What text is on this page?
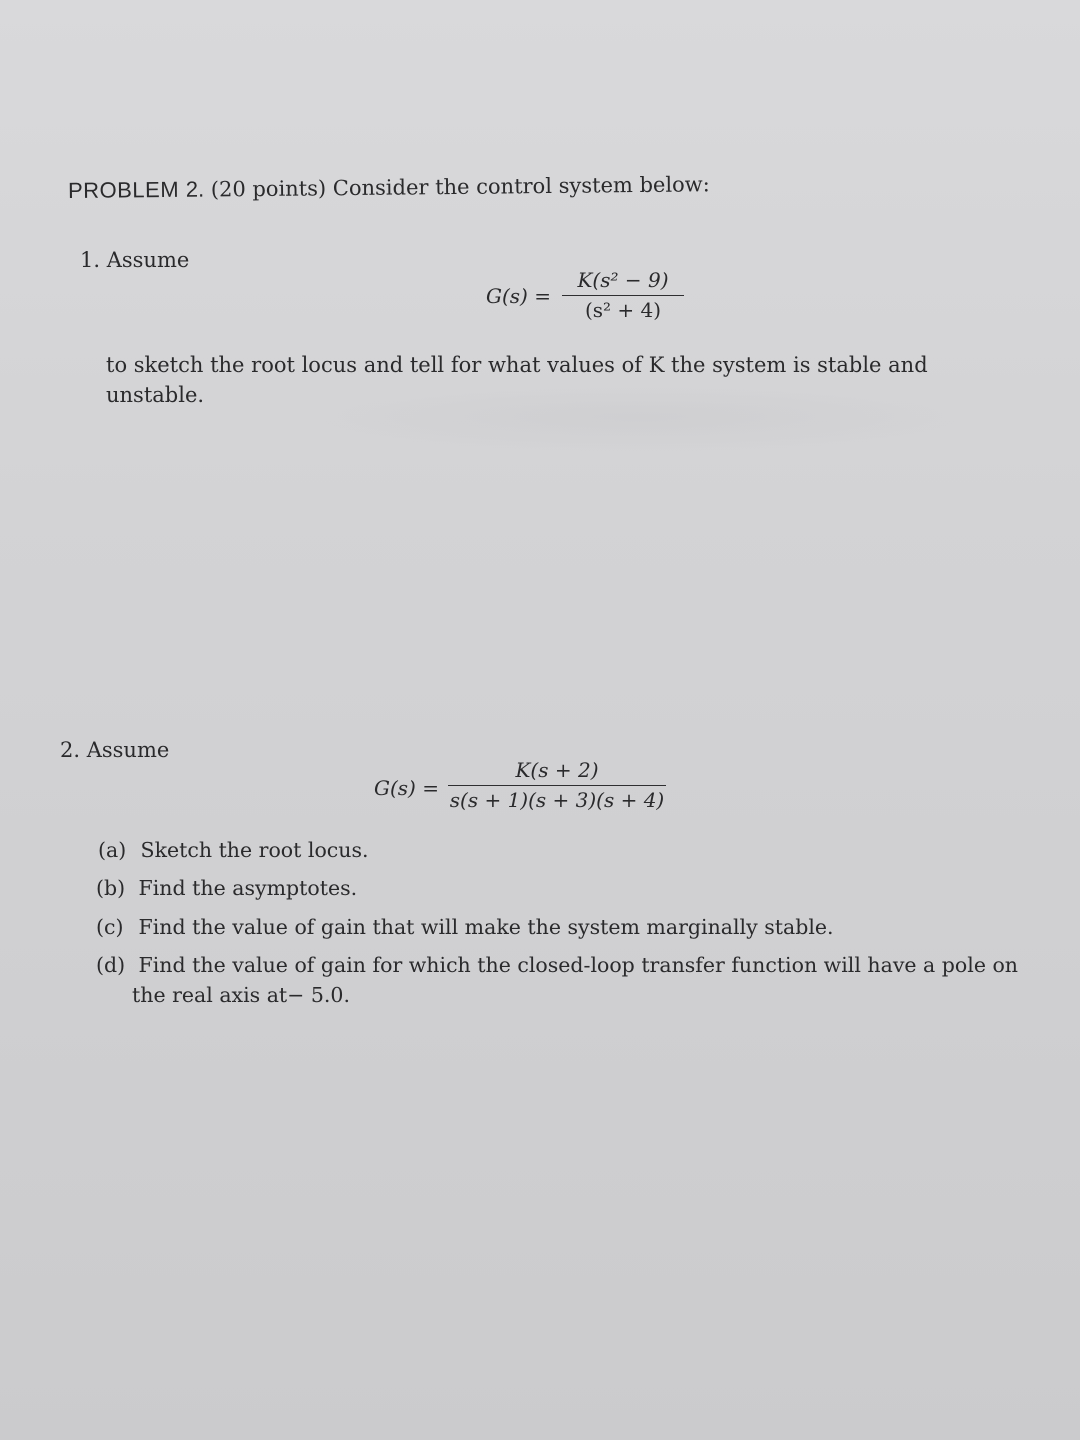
PROBLEM 2. (20 points) Consider the control system below:
1. Assume
G(s) =
K(s² − 9)
(s² + 4)
to sketch the root locus and tell for what values of K the system is stable and
unstable.
2. Assume
G(s) =
K(s + 2)
s(s + 1)(s + 3)(s + 4)
(a) Sketch the root locus.
(b) Find the asymptotes.
(c) Find the value of gain that will make the system marginally stable.
(d) Find the value of gain for which the closed-loop transfer function will have a pole on
the real axis at− 5.0.
